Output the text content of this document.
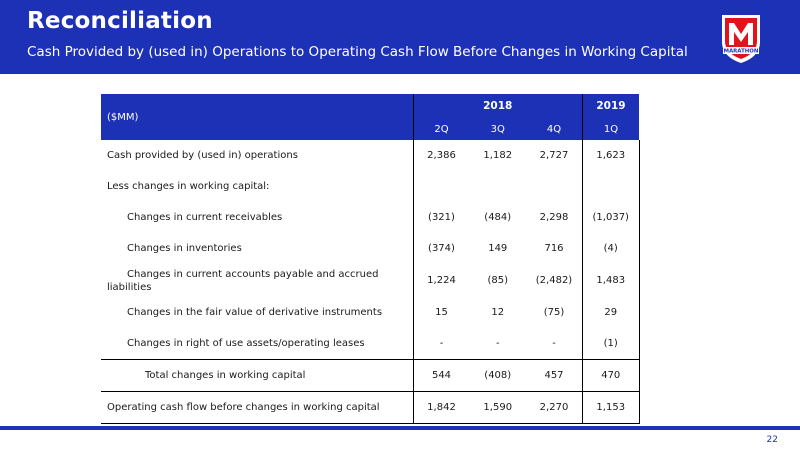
Reconciliation
Cash Provided by (used in) Operations to Operating Cash Flow Before Changes in Working Capital	MARATHON
($MM)	2018			2019
	2Q	3Q	4Q	1Q
Cash provided by (used in) operations	2,386	1,182	2,727	1,623
Less changes in working capital:				
Changes in current receivables	(321)	(484)	2,298	(1,037)
Changes in inventories	(374)	149	716	(4)
Changes in current accounts payable and accrued liabilities	1,224	(85)	(2,482)	1,483
Changes in the fair value of derivative instruments	15	12	(75)	29
Changes in right of use assets/operating leases	-	-	-	(1)
Total changes in working capital	544	(408)	457	470
Operating cash flow before changes in working capital	1,842	1,590	2,270	1,153
22
